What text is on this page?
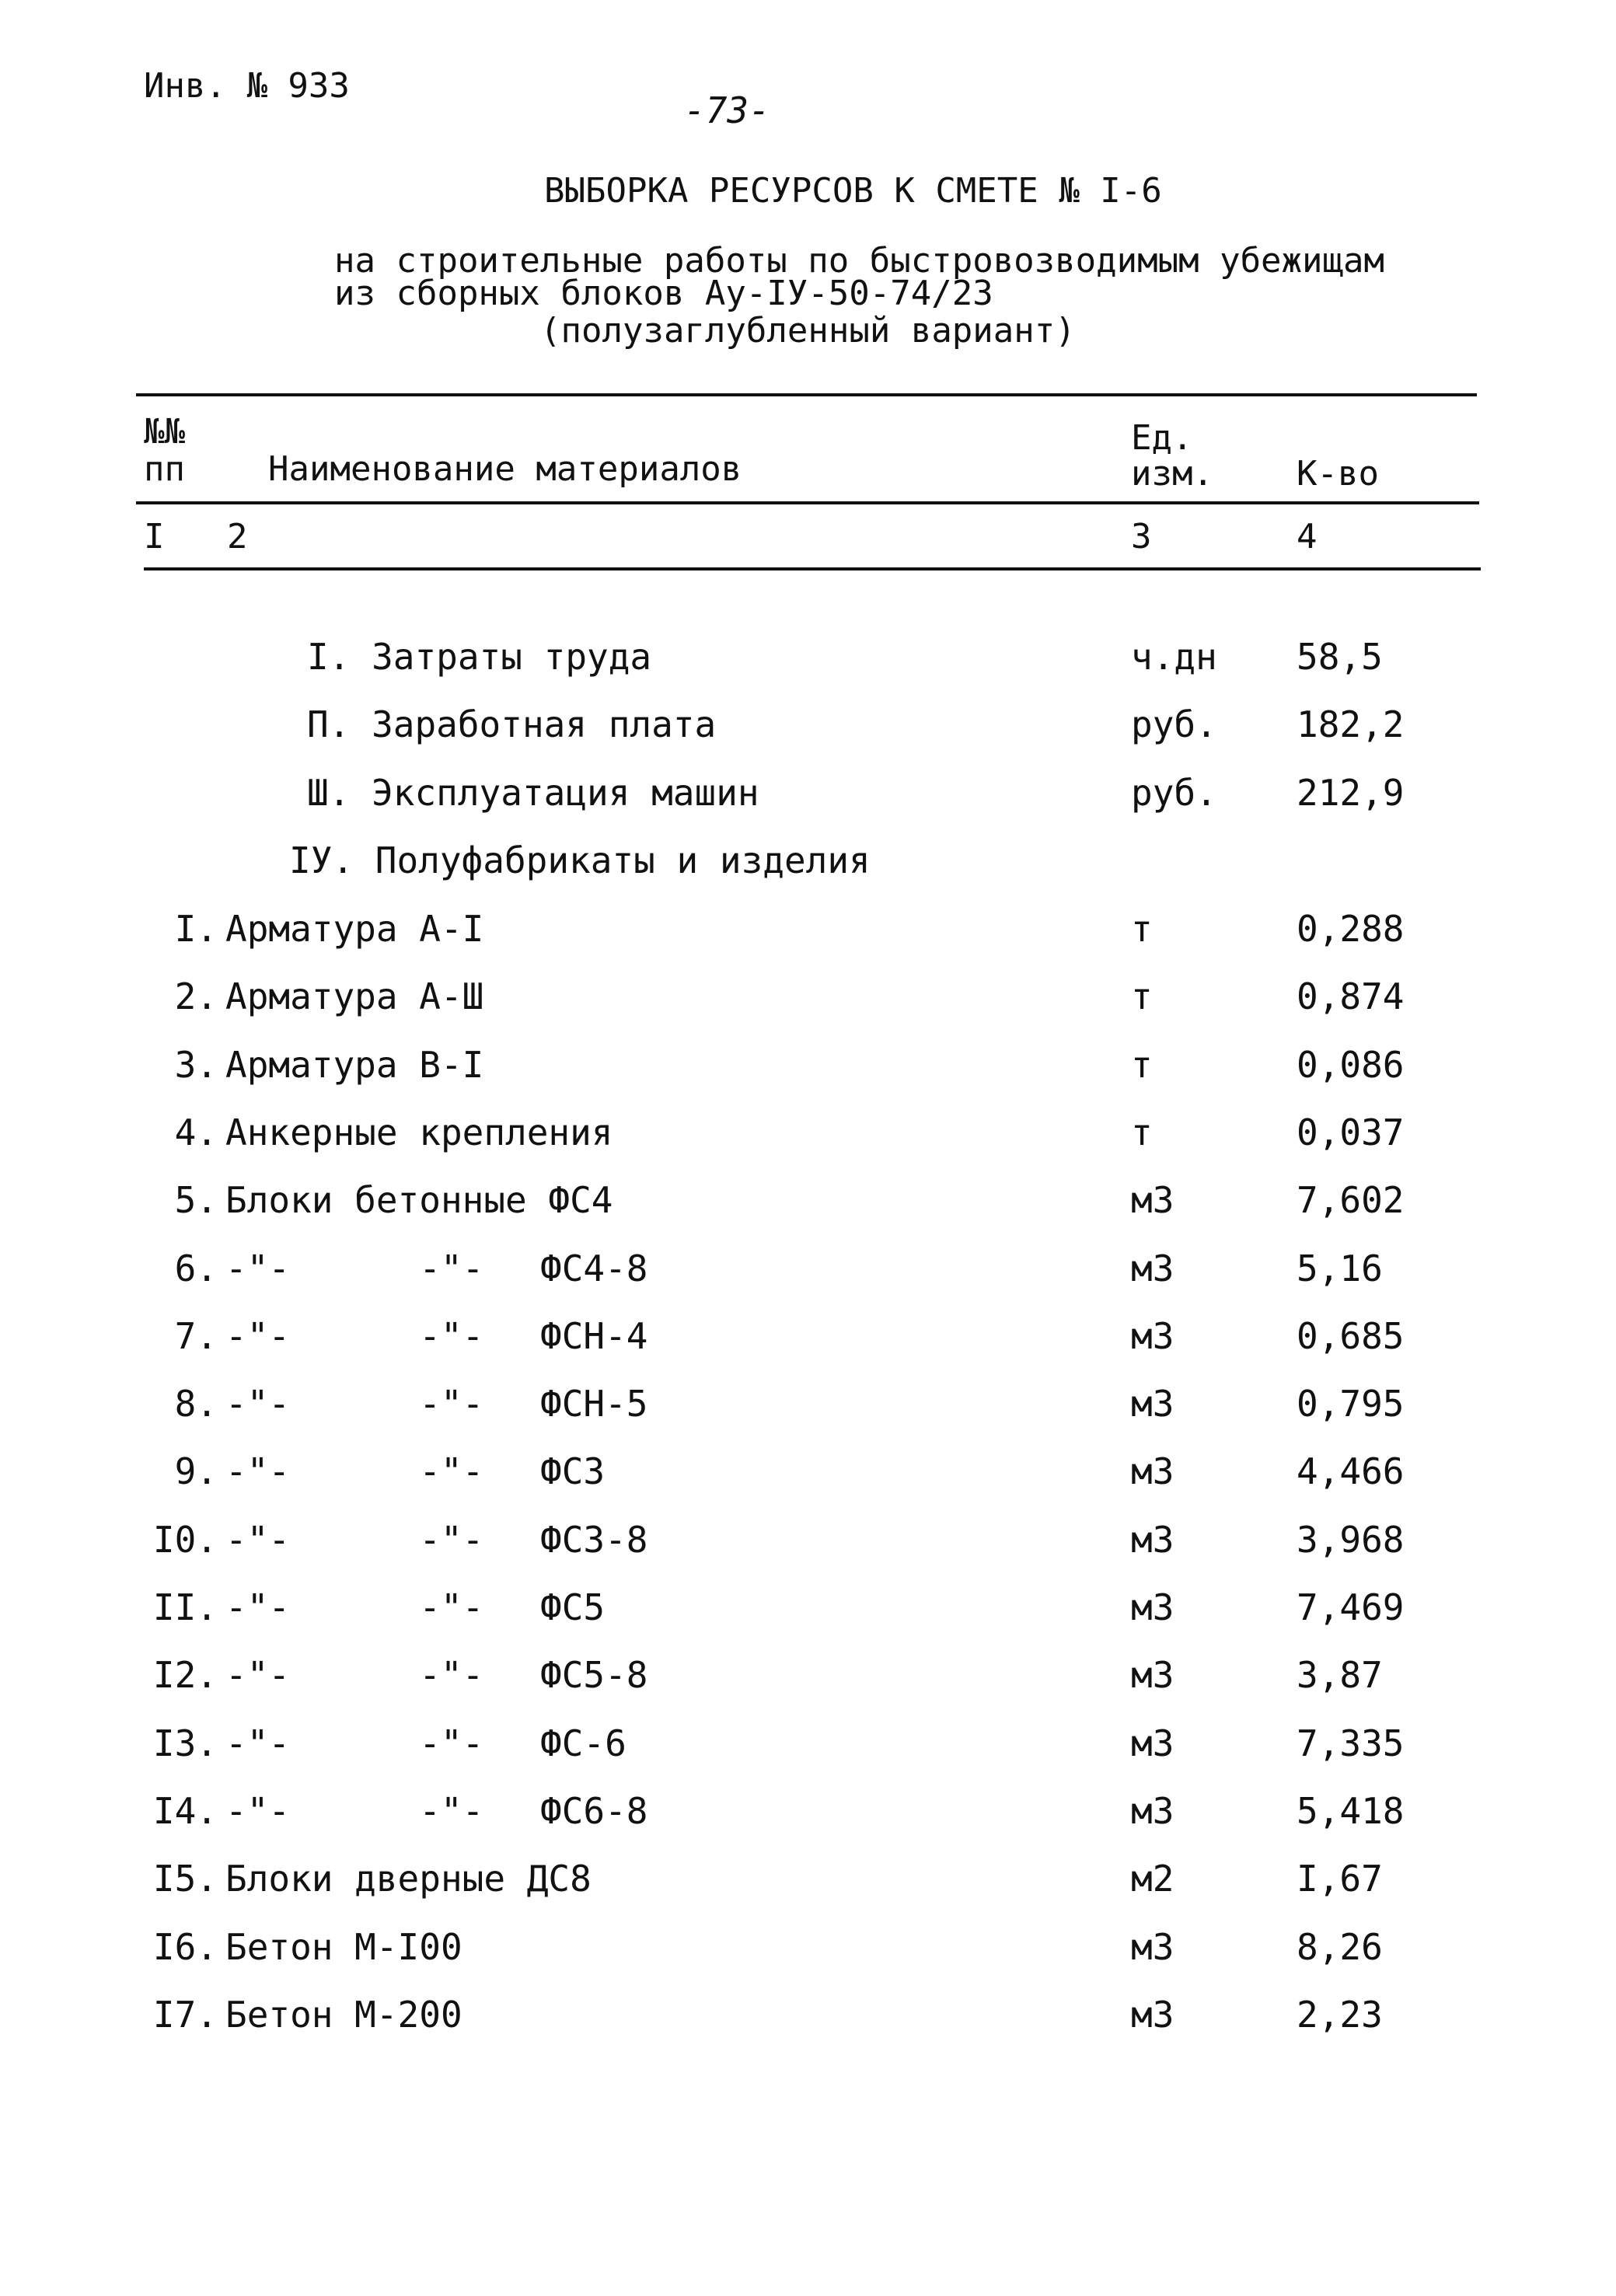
Инв. № 933
-73-
ВЫБОРКА РЕСУРСОВ К СМЕТЕ № I-6
на строительные работы по быстровозводимым убежищам
из сборных блоков Ау-IУ-50-74/23
(полузаглубленный вариант)
№№
пп Наименование материалов
Ед.
изм. К-во
I 2	3	4
I. Затраты труда	ч.дн 58,5
П. Заработная плата	руб. 182,2
Ш. Эксплуатация машин	руб. 212,9
IУ. Полуфабрикаты и изделия
I. Арматура А-I	т	0,288
2. Арматура А-Ш	т	0,874
3. Арматура В-I	т	0,086
4. Анкерные крепления	т	0,037
5. Блоки бетонные ФС4	м3	7,602
6. -"-      -"- ФС4-8	м3	5,16
7. -"-      -"- ФСН-4	м3	0,685
8. -"-      -"- ФСН-5	м3	0,795
9. -"-      -"- ФС3	м3	4,466
I0. -"-      -"- ФС3-8	м3	3,968
II. -"-      -"- ФС5	м3	7,469
I2. -"-      -"- ФС5-8	м3	3,87
I3. -"-      -"- ФС-6	м3	7,335
I4. -"-      -"- ФС6-8	м3	5,418
I5. Блоки дверные ДС8	м2	I,67
I6. Бетон М-I00	м3	8,26
I7. Бетон М-200	м3	2,23
